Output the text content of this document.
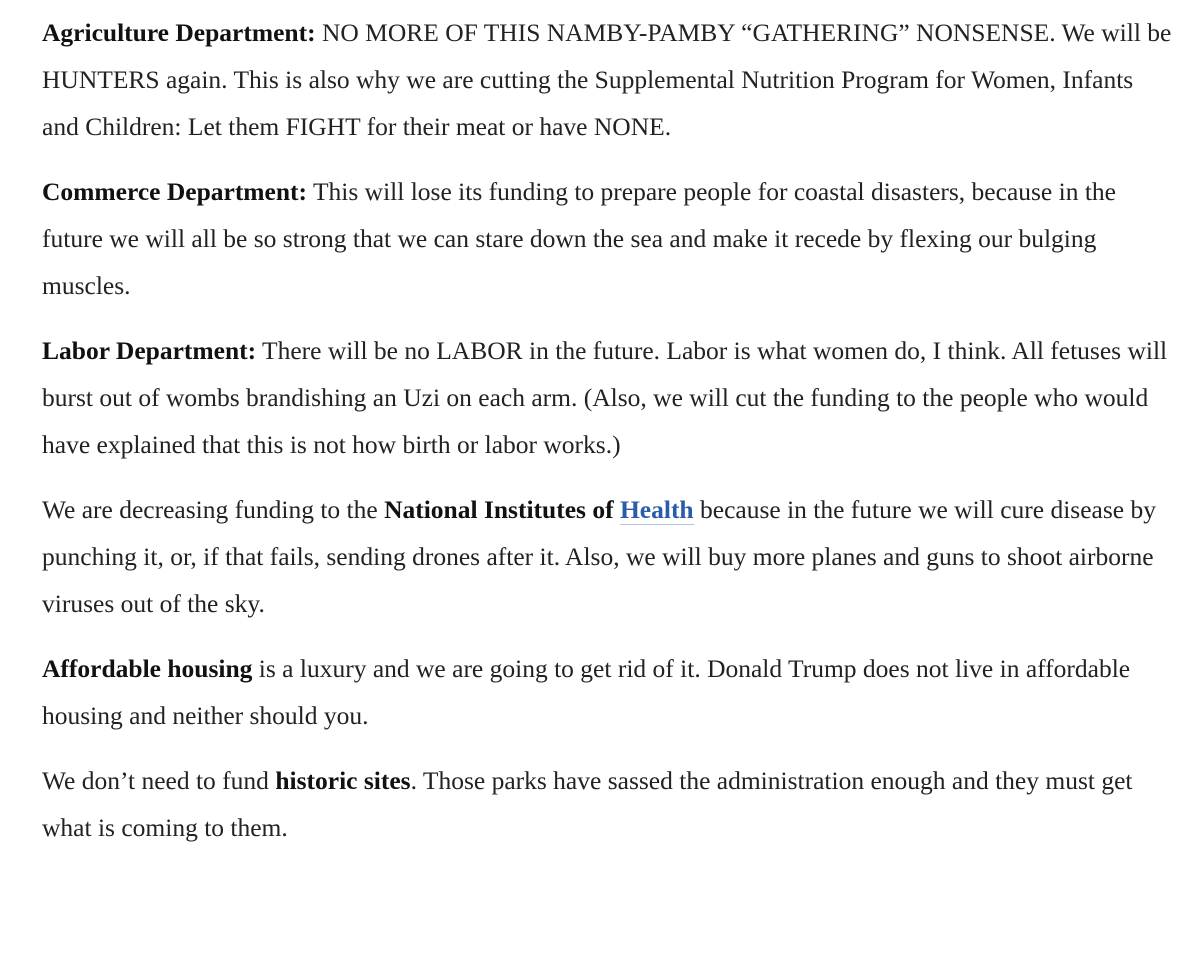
Agriculture Department: NO MORE OF THIS NAMBY-PAMBY “GATHERING” NONSENSE. We will be HUNTERS again. This is also why we are cutting the Supplemental Nutrition Program for Women, Infants and Children: Let them FIGHT for their meat or have NONE.

Commerce Department: This will lose its funding to prepare people for coastal disasters, because in the future we will all be so strong that we can stare down the sea and make it recede by flexing our bulging muscles.

Labor Department: There will be no LABOR in the future. Labor is what women do, I think. All fetuses will burst out of wombs brandishing an Uzi on each arm. (Also, we will cut the funding to the people who would have explained that this is not how birth or labor works.)

We are decreasing funding to the National Institutes of Health because in the future we will cure disease by punching it, or, if that fails, sending drones after it. Also, we will buy more planes and guns to shoot airborne viruses out of the sky.

Affordable housing is a luxury and we are going to get rid of it. Donald Trump does not live in affordable housing and neither should you.

We don’t need to fund historic sites. Those parks have sassed the administration enough and they must get what is coming to them.
